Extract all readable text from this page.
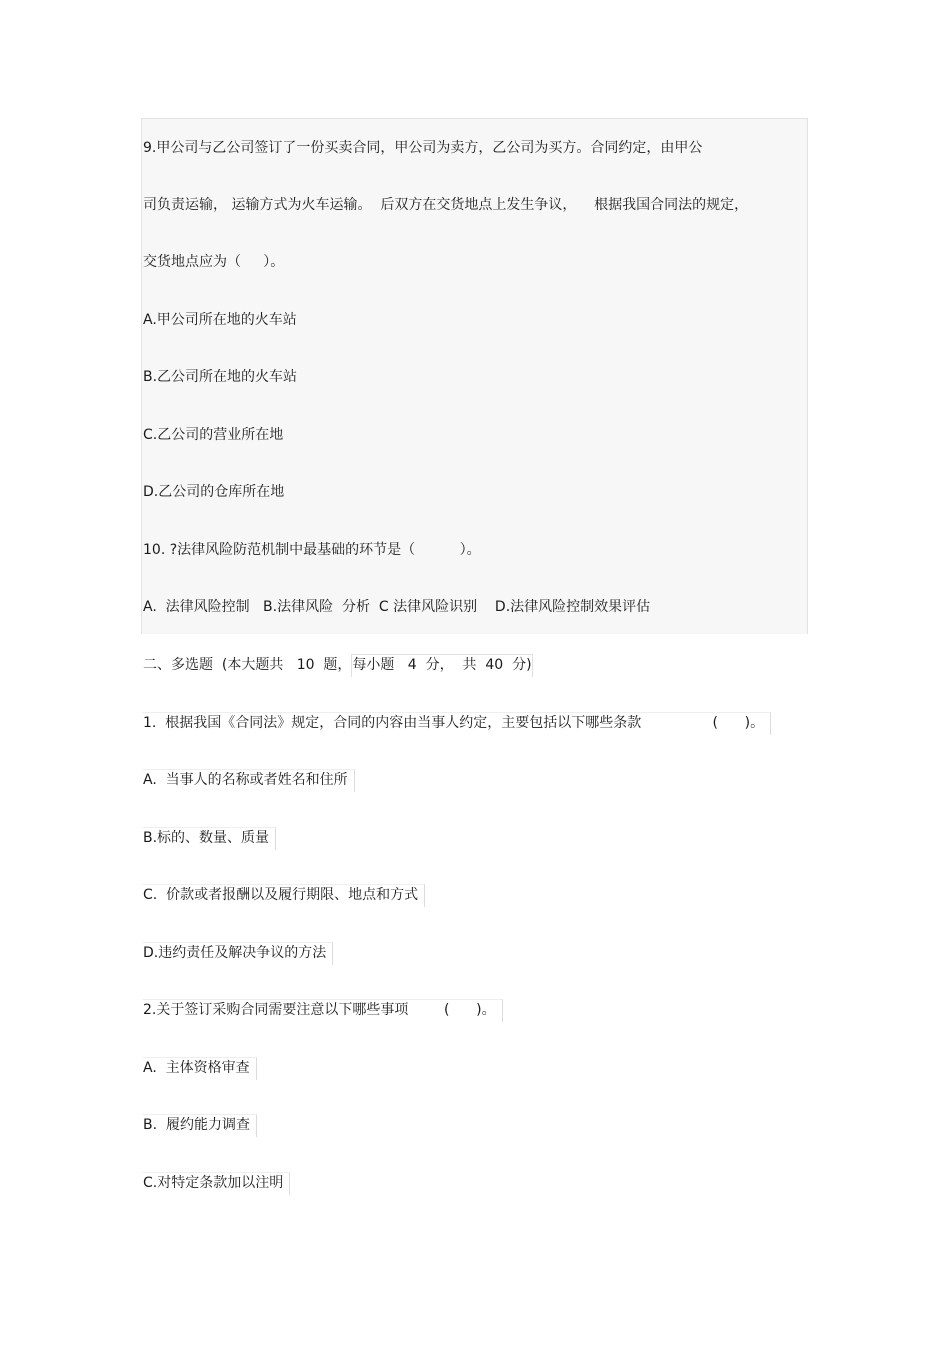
9.甲公司与乙公司签订了一份买卖合同，甲公司为卖方，乙公司为买方。合同约定，由甲公
司负责运输， 运输方式为火车运输。  后双方在交货地点上发生争议，    根据我国合同法的规定，
交货地点应为（     ）。
A.甲公司所在地的火车站
B.乙公司所在地的火车站
C.乙公司的营业所在地
D.乙公司的仓库所在地
10. ?法律风险防范机制中最基础的环节是（          ）。
A.  法律风险控制   B.法律风险  分析  C 法律风险识别    D.法律风险控制效果评估
二、多选题  (本大题共   10  题，每小题   4  分，  共  40  分)
1.  根据我国《合同法》规定，合同的内容由当事人约定，主要包括以下哪些条款                (      )。
A.  当事人的名称或者姓名和住所
B.标的、数量、质量
C.  价款或者报酬以及履行期限、地点和方式
D.违约责任及解决争议的方法
2.关于签订采购合同需要注意以下哪些事项        (      )。
A.  主体资格审查
B.  履约能力调查
C.对特定条款加以注明
